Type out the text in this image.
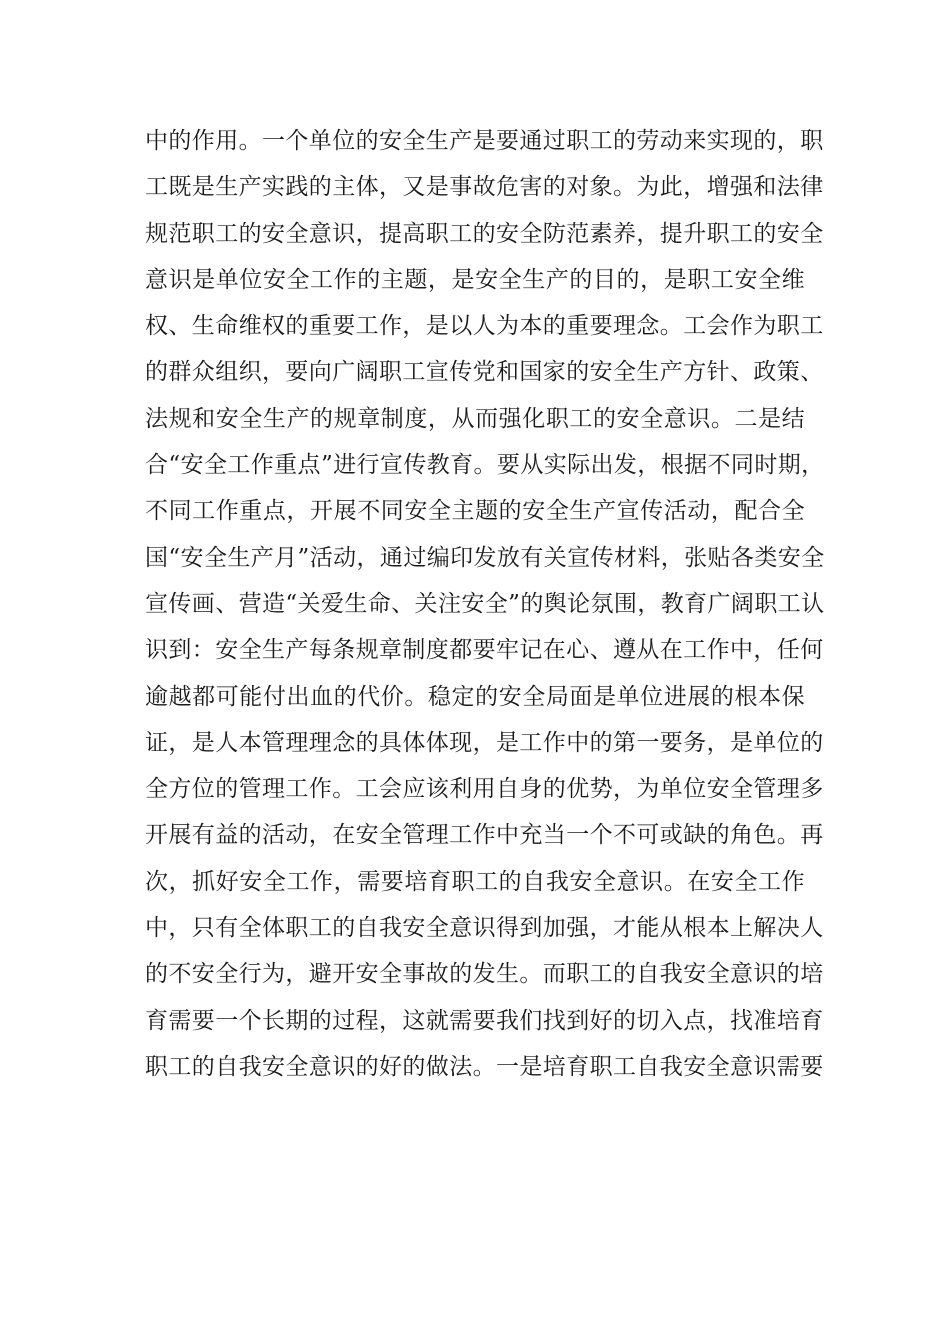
中的作用。一个单位的安全生产是要通过职工的劳动来实现的，职
工既是生产实践的主体，又是事故危害的对象。为此，增强和法律
规范职工的安全意识，提高职工的安全防范素养，提升职工的安全
意识是单位安全工作的主题，是安全生产的目的，是职工安全维
权、生命维权的重要工作，是以人为本的重要理念。工会作为职工
的群众组织，要向广阔职工宣传党和国家的安全生产方针、政策、
法规和安全生产的规章制度，从而强化职工的安全意识。二是结
合“安全工作重点”进行宣传教育。要从实际出发，根据不同时期，
不同工作重点，开展不同安全主题的安全生产宣传活动，配合全
国“安全生产月”活动，通过编印发放有关宣传材料，张贴各类安全
宣传画、营造“关爱生命、关注安全”的舆论氛围，教育广阔职工认
识到：安全生产每条规章制度都要牢记在心、遵从在工作中，任何
逾越都可能付出血的代价。稳定的安全局面是单位进展的根本保
证，是人本管理理念的具体体现，是工作中的第一要务，是单位的
全方位的管理工作。工会应该利用自身的优势，为单位安全管理多
开展有益的活动，在安全管理工作中充当一个不可或缺的角色。再
次，抓好安全工作，需要培育职工的自我安全意识。在安全工作
中，只有全体职工的自我安全意识得到加强，才能从根本上解决人
的不安全行为，避开安全事故的发生。而职工的自我安全意识的培
育需要一个长期的过程，这就需要我们找到好的切入点，找准培育
职工的自我安全意识的好的做法。一是培育职工自我安全意识需要
